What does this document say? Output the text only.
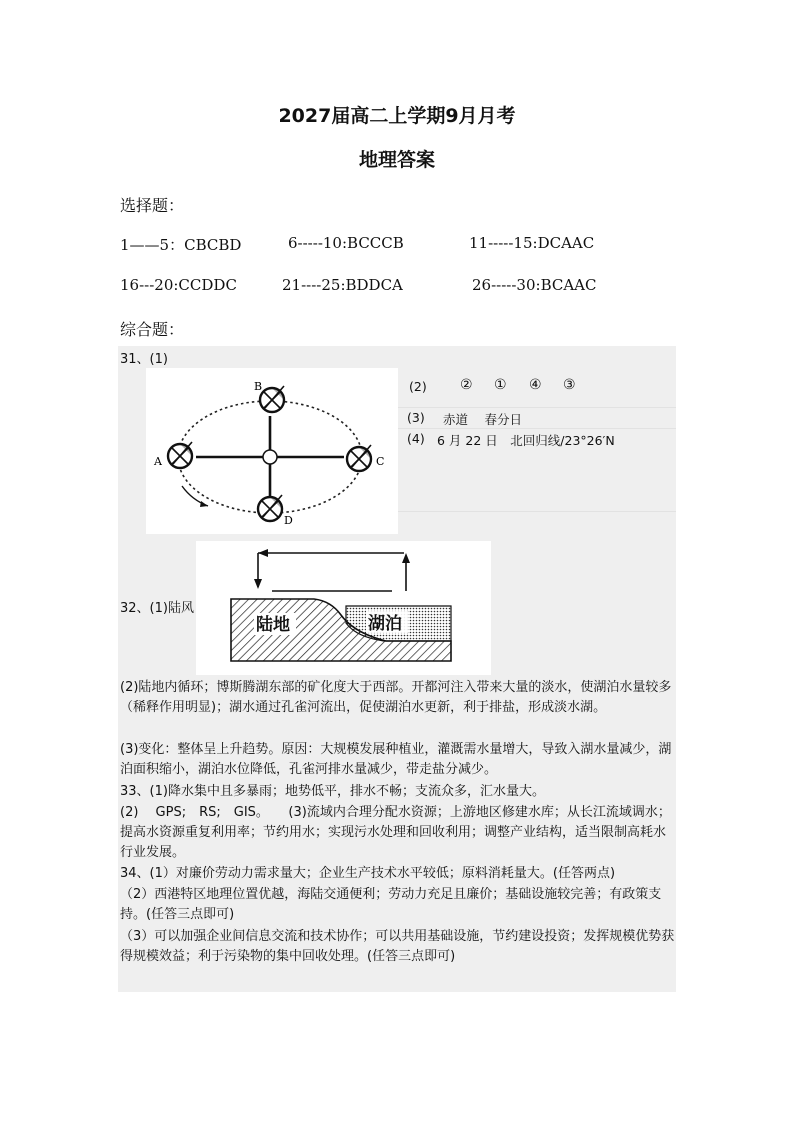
2027届高二上学期9月月考
地理答案
选择题：

1——5：CBCBD

	6-----10:BCCCB

	11-----15:DCAAC

16---20:CCDDC

	21----25:BDDCA

	26-----30:BCAAC

综合题：
31、(1)
B
A	C
D
(2) ② ① ④ ③
(3) 赤道　 春分日
(4) 6 月 22 日　北回归线/23°26′N
32、(1)陆风
陆地	湖泊
(2)陆地内循环；博斯腾湖东部的矿化度大于西部。开都河注入带来大量的淡水，使湖泊水量较多（稀释作用明显)；湖水通过孔雀河流出，促使湖泊水更新，利于排盐，形成淡水湖。
(3)变化：整体呈上升趋势。原因：大规模发展种植业，灌溉需水量增大，导致入湖水量减少，湖泊面积缩小，湖泊水位降低，孔雀河排水量减少，带走盐分减少。
33、(1)降水集中且多暴雨；地势低平，排水不畅；支流众多，汇水量大。
(2)　 GPS;　RS;　GIS。　　(3)流域内合理分配水资源；上游地区修建水库；从长江流域调水；提高水资源重复利用率；节约用水；实现污水处理和回收利用；调整产业结构，适当限制高耗水行业发展。
34、(1）对廉价劳动力需求量大；企业生产技术水平较低；原料消耗量大。(任答两点)
（2）西港特区地理位置优越，海陆交通便利；劳动力充足且廉价；基础设施较完善；有政策支持。(任答三点即可)
（3）可以加强企业间信息交流和技术协作；可以共用基础设施，节约建设投资；发挥规模优势获得规模效益；利于污染物的集中回收处理。(任答三点即可)
